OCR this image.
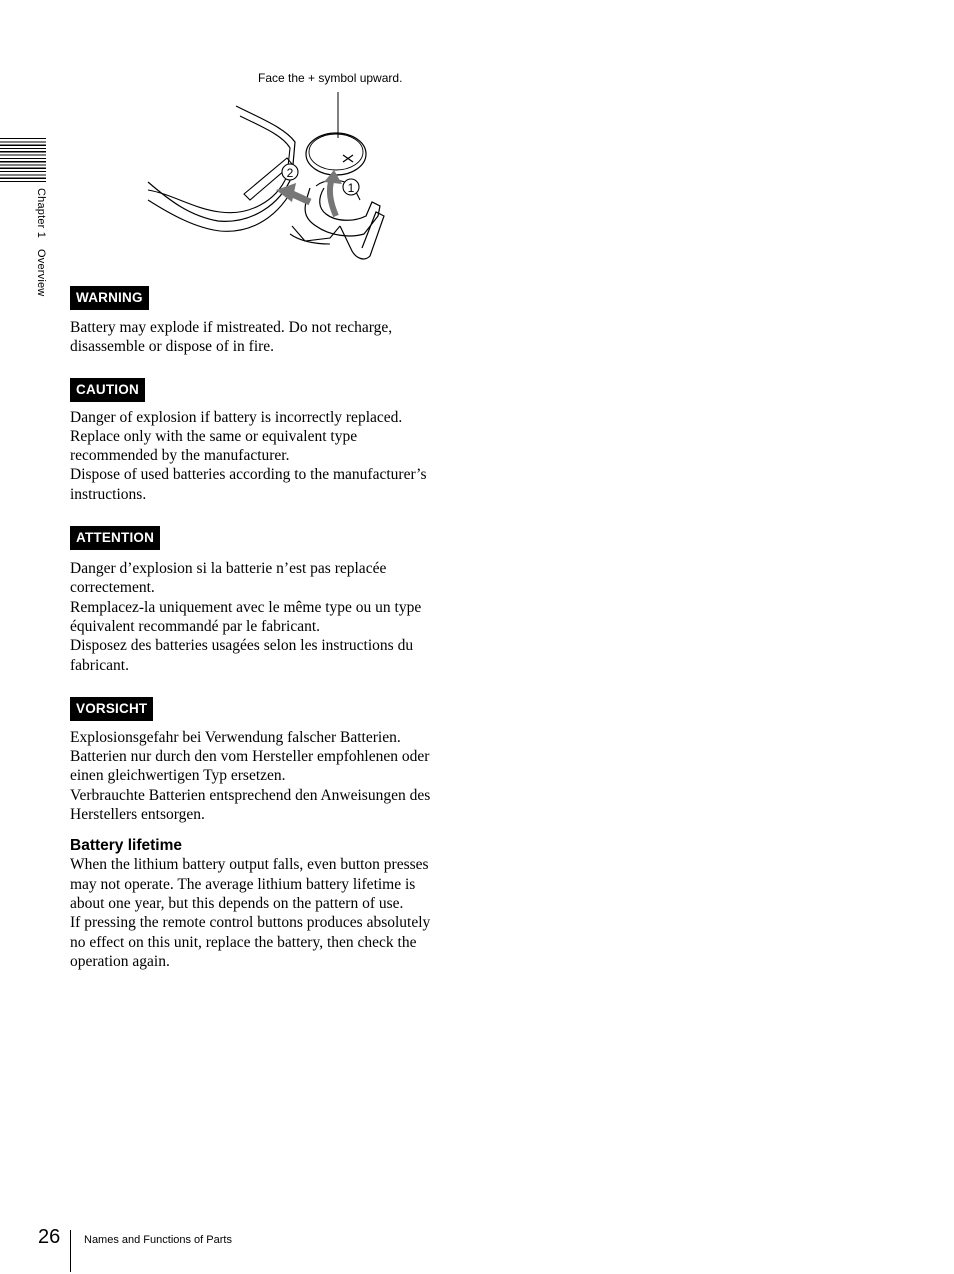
Chapter 1 Overview
2
1
Face the + symbol upward.
WARNING

Battery may explode if mistreated. Do not recharge,

disassemble or dispose of in fire.

CAUTION

Danger of explosion if battery is incorrectly replaced.

Replace only with the same or equivalent type

recommended by the manufacturer.

Dispose of used batteries according to the manufacturer’s

instructions.

ATTENTION

Danger d’explosion si la batterie n’est pas replacée

correctement.

Remplacez-la uniquement avec le même type ou un type

équivalent recommandé par le fabricant.

Disposez des batteries usagées selon les instructions du

fabricant.

VORSICHT

Explosionsgefahr bei Verwendung falscher Batterien.

Batterien nur durch den vom Hersteller empfohlenen oder

einen gleichwertigen Typ ersetzen.

Verbrauchte Batterien entsprechend den Anweisungen des

Herstellers entsorgen.

Battery lifetime

When the lithium battery output falls, even button presses

may not operate. The average lithium battery lifetime is

about one year, but this depends on the pattern of use.

If pressing the remote control buttons produces absolutely

no effect on this unit, replace the battery, then check the

operation again.

26 Names and Functions of Parts
